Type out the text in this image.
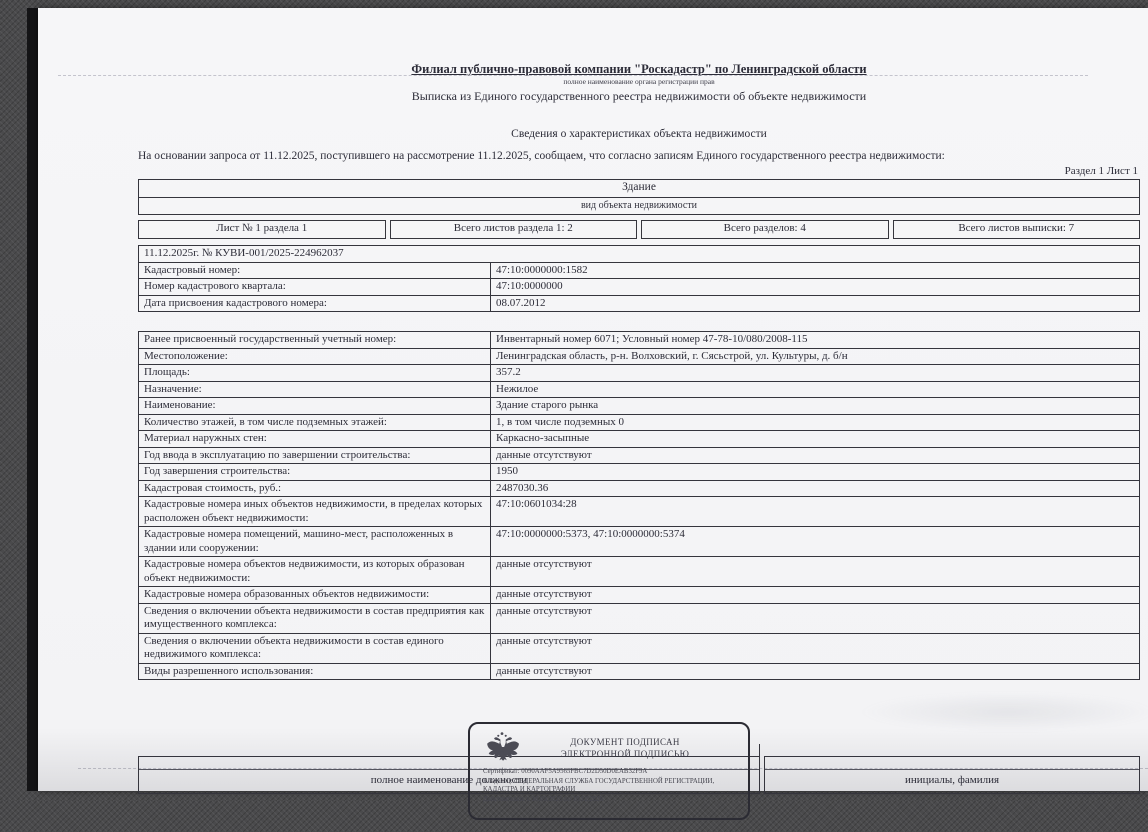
Филиал публично-правовой компании "Роскадастр" по Ленинградской области
полное наименование органа регистрации прав
Выписка из Единого государственного реестра недвижимости об объекте недвижимости
Сведения о характеристиках объекта недвижимости
На основании запроса от 11.12.2025, поступившего на рассмотрение 11.12.2025, сообщаем, что согласно записям Единого государственного реестра недвижимости:
Раздел 1 Лист 1
Здание
вид объекта недвижимости
Лист № 1 раздела 1	Всего листов раздела 1: 2	Всего разделов: 4	Всего листов выписки: 7
11.12.2025г. № КУВИ-001/2025-224962037	
Кадастровый номер:	47:10:0000000:1582
Номер кадастрового квартала:	47:10:0000000
Дата присвоения кадастрового номера:	08.07.2012
Ранее присвоенный государственный учетный номер:	Инвентарный номер 6071; Условный номер 47-78-10/080/2008-115
Местоположение:	Ленинградская область, р-н. Волховский, г. Сясьстрой, ул. Культуры, д. б/н
Площадь:	357.2
Назначение:	Нежилое
Наименование:	Здание старого рынка
Количество этажей, в том числе подземных этажей:	1, в том числе подземных 0
Материал наружных стен:	Каркасно-засыпные
Год ввода в эксплуатацию по завершении строительства:	данные отсутствуют
Год завершения строительства:	1950
Кадастровая стоимость, руб.:	2487030.36
Кадастровые номера иных объектов недвижимости, в пределах которых расположен объект недвижимости:	47:10:0601034:28
Кадастровые номера помещений, машино-мест, расположенных в здании или сооружении:	47:10:0000000:5373, 47:10:0000000:5374
Кадастровые номера объектов недвижимости, из которых образован объект недвижимости:	данные отсутствуют
Кадастровые номера образованных объектов недвижимости:	данные отсутствуют
Сведения о включении объекта недвижимости в состав предприятия как имущественного комплекса:	данные отсутствуют
Сведения о включении объекта недвижимости в состав единого недвижимого комплекса:	данные отсутствуют
Виды разрешенного использования:	данные отсутствуют
полное наименование должности	инициалы, фамилия
ДОКУМЕНТ ПОДПИСАН
ЭЛЕКТРОННОЙ ПОДПИСЬЮ
Сертификат: 0090AAF5A9565FBC7D2D50D0EAB32F9A
Владелец: ФЕДЕРАЛЬНАЯ СЛУЖБА ГОСУДАРСТВЕННОЙ РЕГИСТРАЦИИ, КАДАСТРА И КАРТОГРАФИИ
Действителен: с 16.09.2025 по 10.12.2026
